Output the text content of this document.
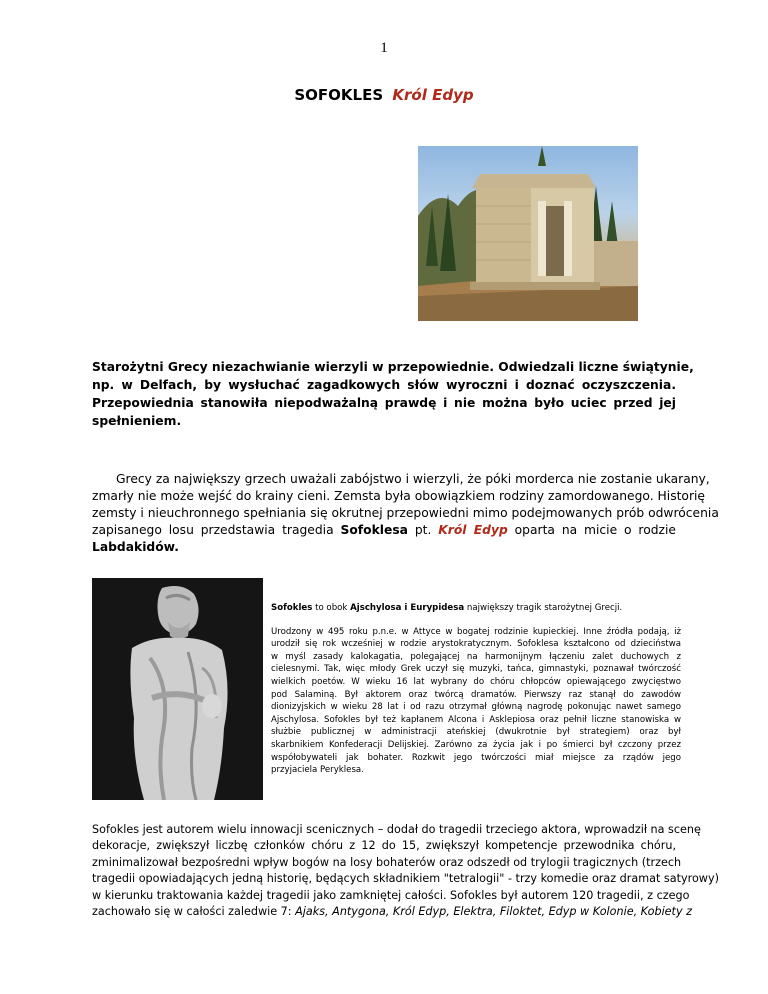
1
SOFOKLES Król Edyp
Starożytni Grecy niezachwianie wierzyli w przepowiednie. Odwiedzali liczne świątynie,
np. w Delfach, by wysłuchać zagadkowych słów wyroczni i doznać oczyszczenia.
Przepowiednia stanowiła niepodważalną prawdę i nie można było uciec przed jej
spełnieniem.
Grecy za największy grzech uważali zabójstwo i wierzyli, że póki morderca nie zostanie ukarany,
zmarły nie może wejść do krainy cieni. Zemsta była obowiązkiem rodziny zamordowanego. Historię
zemsty i nieuchronnego spełniania się okrutnej przepowiedni mimo podejmowanych prób odwrócenia
zapisanego losu przedstawia tragedia Sofoklesa pt. Król Edyp oparta na micie o rodzie
Labdakidów.
Sofokles to obok Ajschylosa i Eurypidesa największy tragik starożytnej Grecji.
Urodzony w 495 roku p.n.e. w Attyce w bogatej rodzinie kupieckiej. Inne źródła podają, iż
urodził się rok wcześniej w rodzie arystokratycznym. Sofoklesa kształcono od dzieciństwa
w myśl zasady kalokagatia, polegającej na harmonijnym łączeniu zalet duchowych z
cielesnymi. Tak, więc młody Grek uczył się muzyki, tańca, gimnastyki, poznawał twórczość
wielkich poetów. W wieku 16 lat wybrany do chóru chłopców opiewającego zwycięstwo
pod Salaminą. Był aktorem oraz twórcą dramatów. Pierwszy raz stanął do zawodów
dionizyjskich w wieku 28 lat i od razu otrzymał główną nagrodę pokonując nawet samego
Ajschylosa. Sofokles był też kapłanem Alcona i Asklepiosa oraz pełnił liczne stanowiska w
służbie publicznej w administracji ateńskiej (dwukrotnie był strategiem) oraz był
skarbnikiem Konfederacji Delijskiej. Zarówno za życia jak i po śmierci był czczony przez
współobywateli jak bohater. Rozkwit jego twórczości miał miejsce za rządów jego
przyjaciela Peryklesa.
Sofokles jest autorem wielu innowacji scenicznych – dodał do tragedii trzeciego aktora, wprowadził na scenę
dekoracje, zwiększył liczbę członków chóru z 12 do 15, zwiększył kompetencje przewodnika chóru,
zminimalizował bezpośredni wpływ bogów na losy bohaterów oraz odszedł od trylogii tragicznych (trzech
tragedii opowiadających jedną historię, będących składnikiem "tetralogii" - trzy komedie oraz dramat satyrowy)
w kierunku traktowania każdej tragedii jako zamkniętej całości. Sofokles był autorem 120 tragedii, z czego
zachowało się w całości zaledwie 7: Ajaks, Antygona, Król Edyp, Elektra, Filoktet, Edyp w Kolonie, Kobiety z
